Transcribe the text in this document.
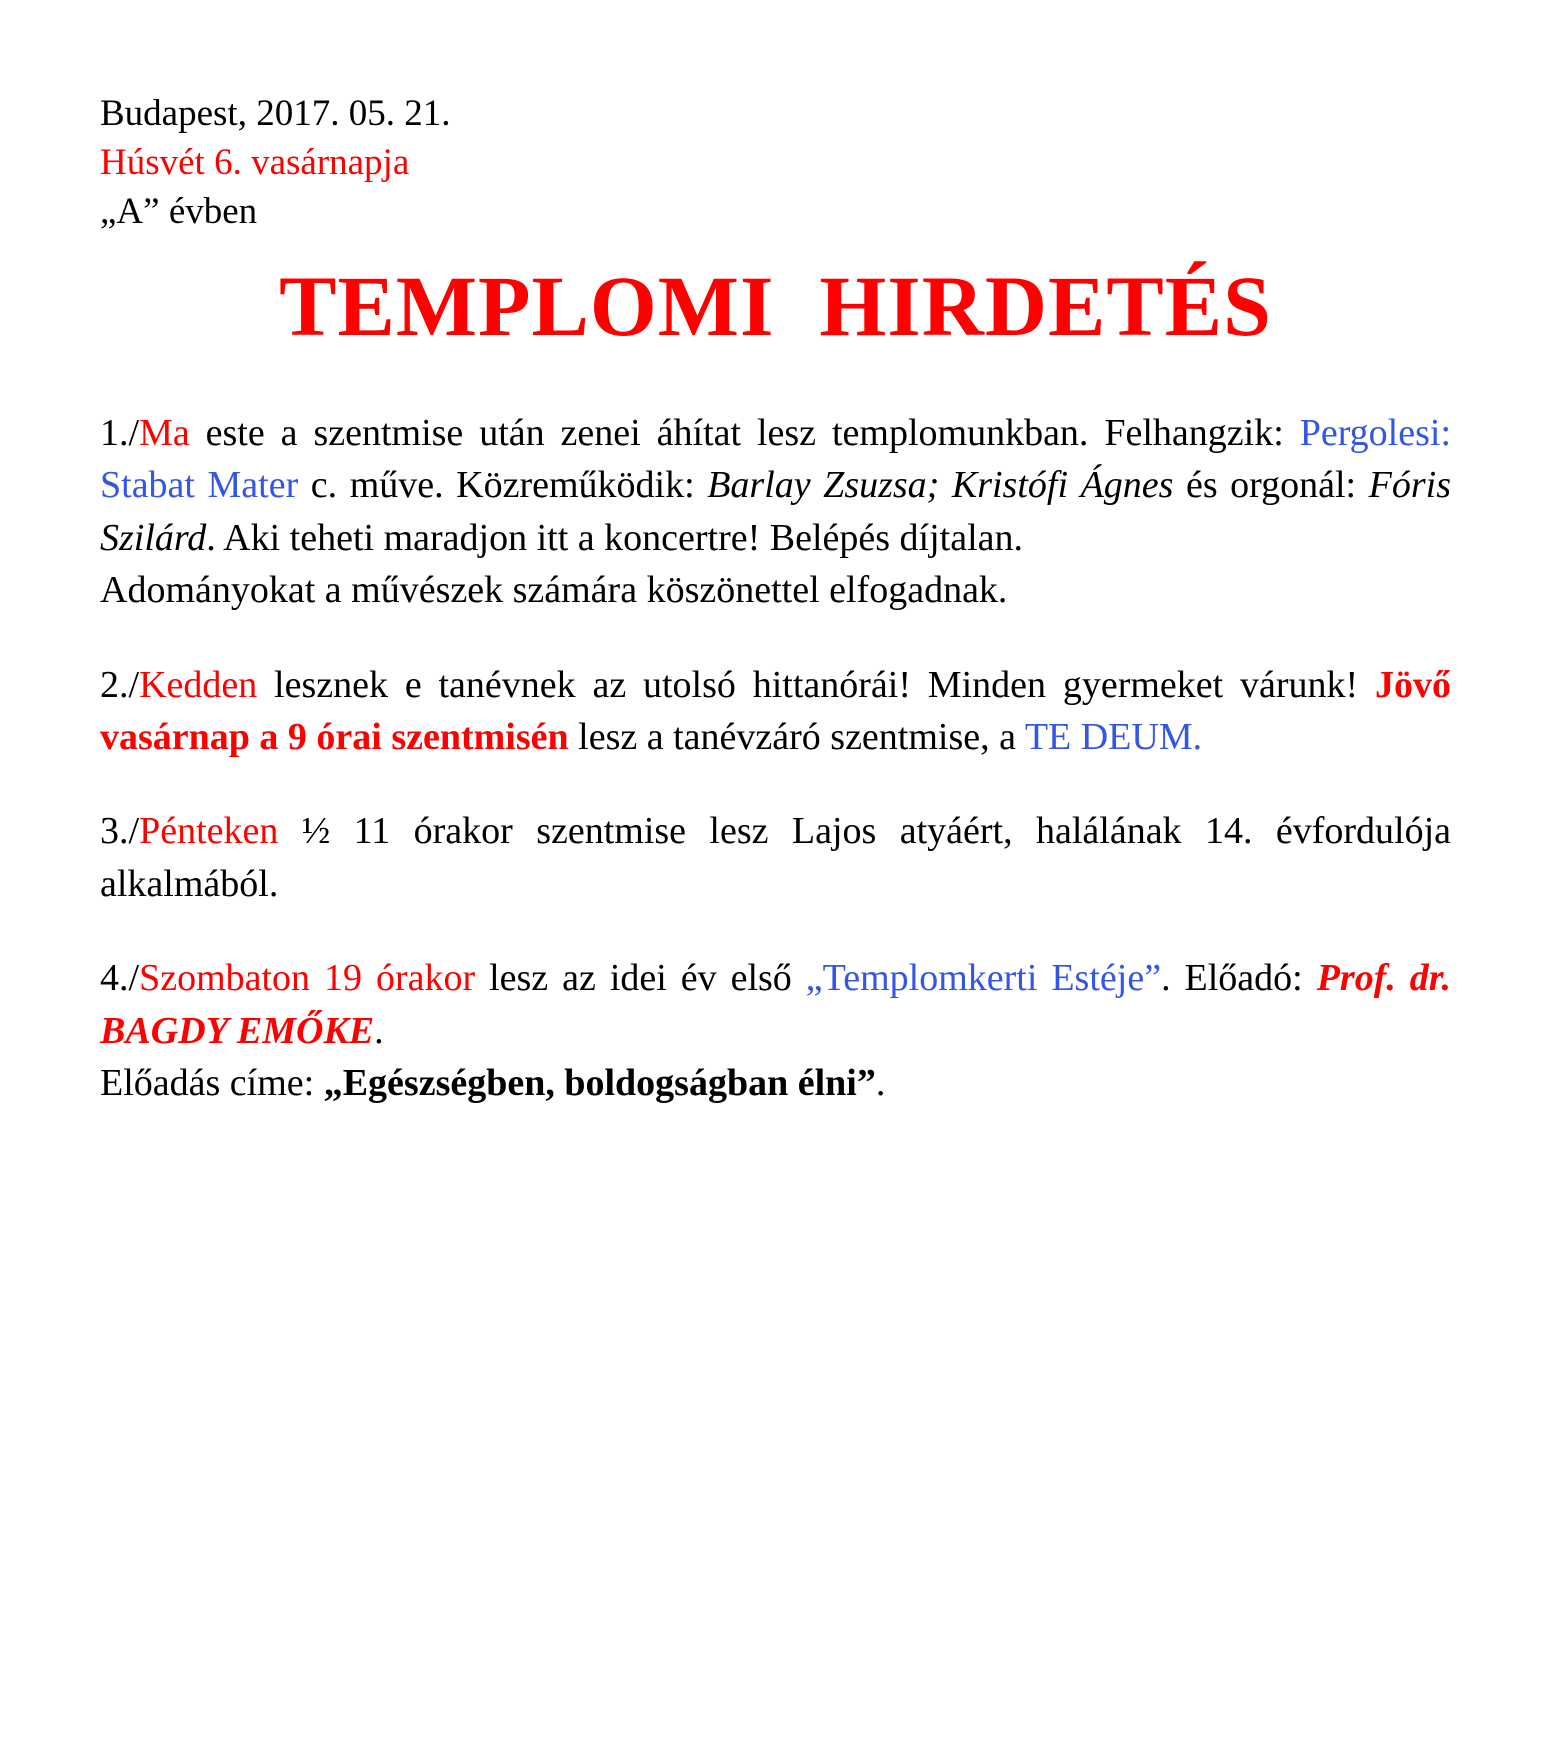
Budapest, 2017. 05. 21.
Húsvét 6. vasárnapja
„A” évben
TEMPLOMI  HIRDETÉS

1./Ma este a szentmise után zenei áhítat lesz templomunkban. Felhangzik: Pergolesi: Stabat Mater c. műve. Közreműködik: Barlay Zsuzsa; Kristófi Ágnes és orgonál: Fóris Szilárd. Aki teheti maradjon itt a koncertre! Belépés díjtalan.
Adományokat a művészek számára köszönettel elfogadnak.

2./Kedden lesznek e tanévnek az utolsó hittanórái! Minden gyermeket várunk! Jövő vasárnap a 9 órai szentmisén lesz a tanévzáró szentmise, a TE DEUM.

3./Pénteken ½ 11 órakor szentmise lesz Lajos atyáért, halálának 14. évfordulója alkalmából.

4./Szombaton 19 órakor lesz az idei év első „Templomkerti Estéje”. Előadó: Prof. dr. BAGDY EMŐKE.
Előadás címe: „Egészségben, boldogságban élni”.
